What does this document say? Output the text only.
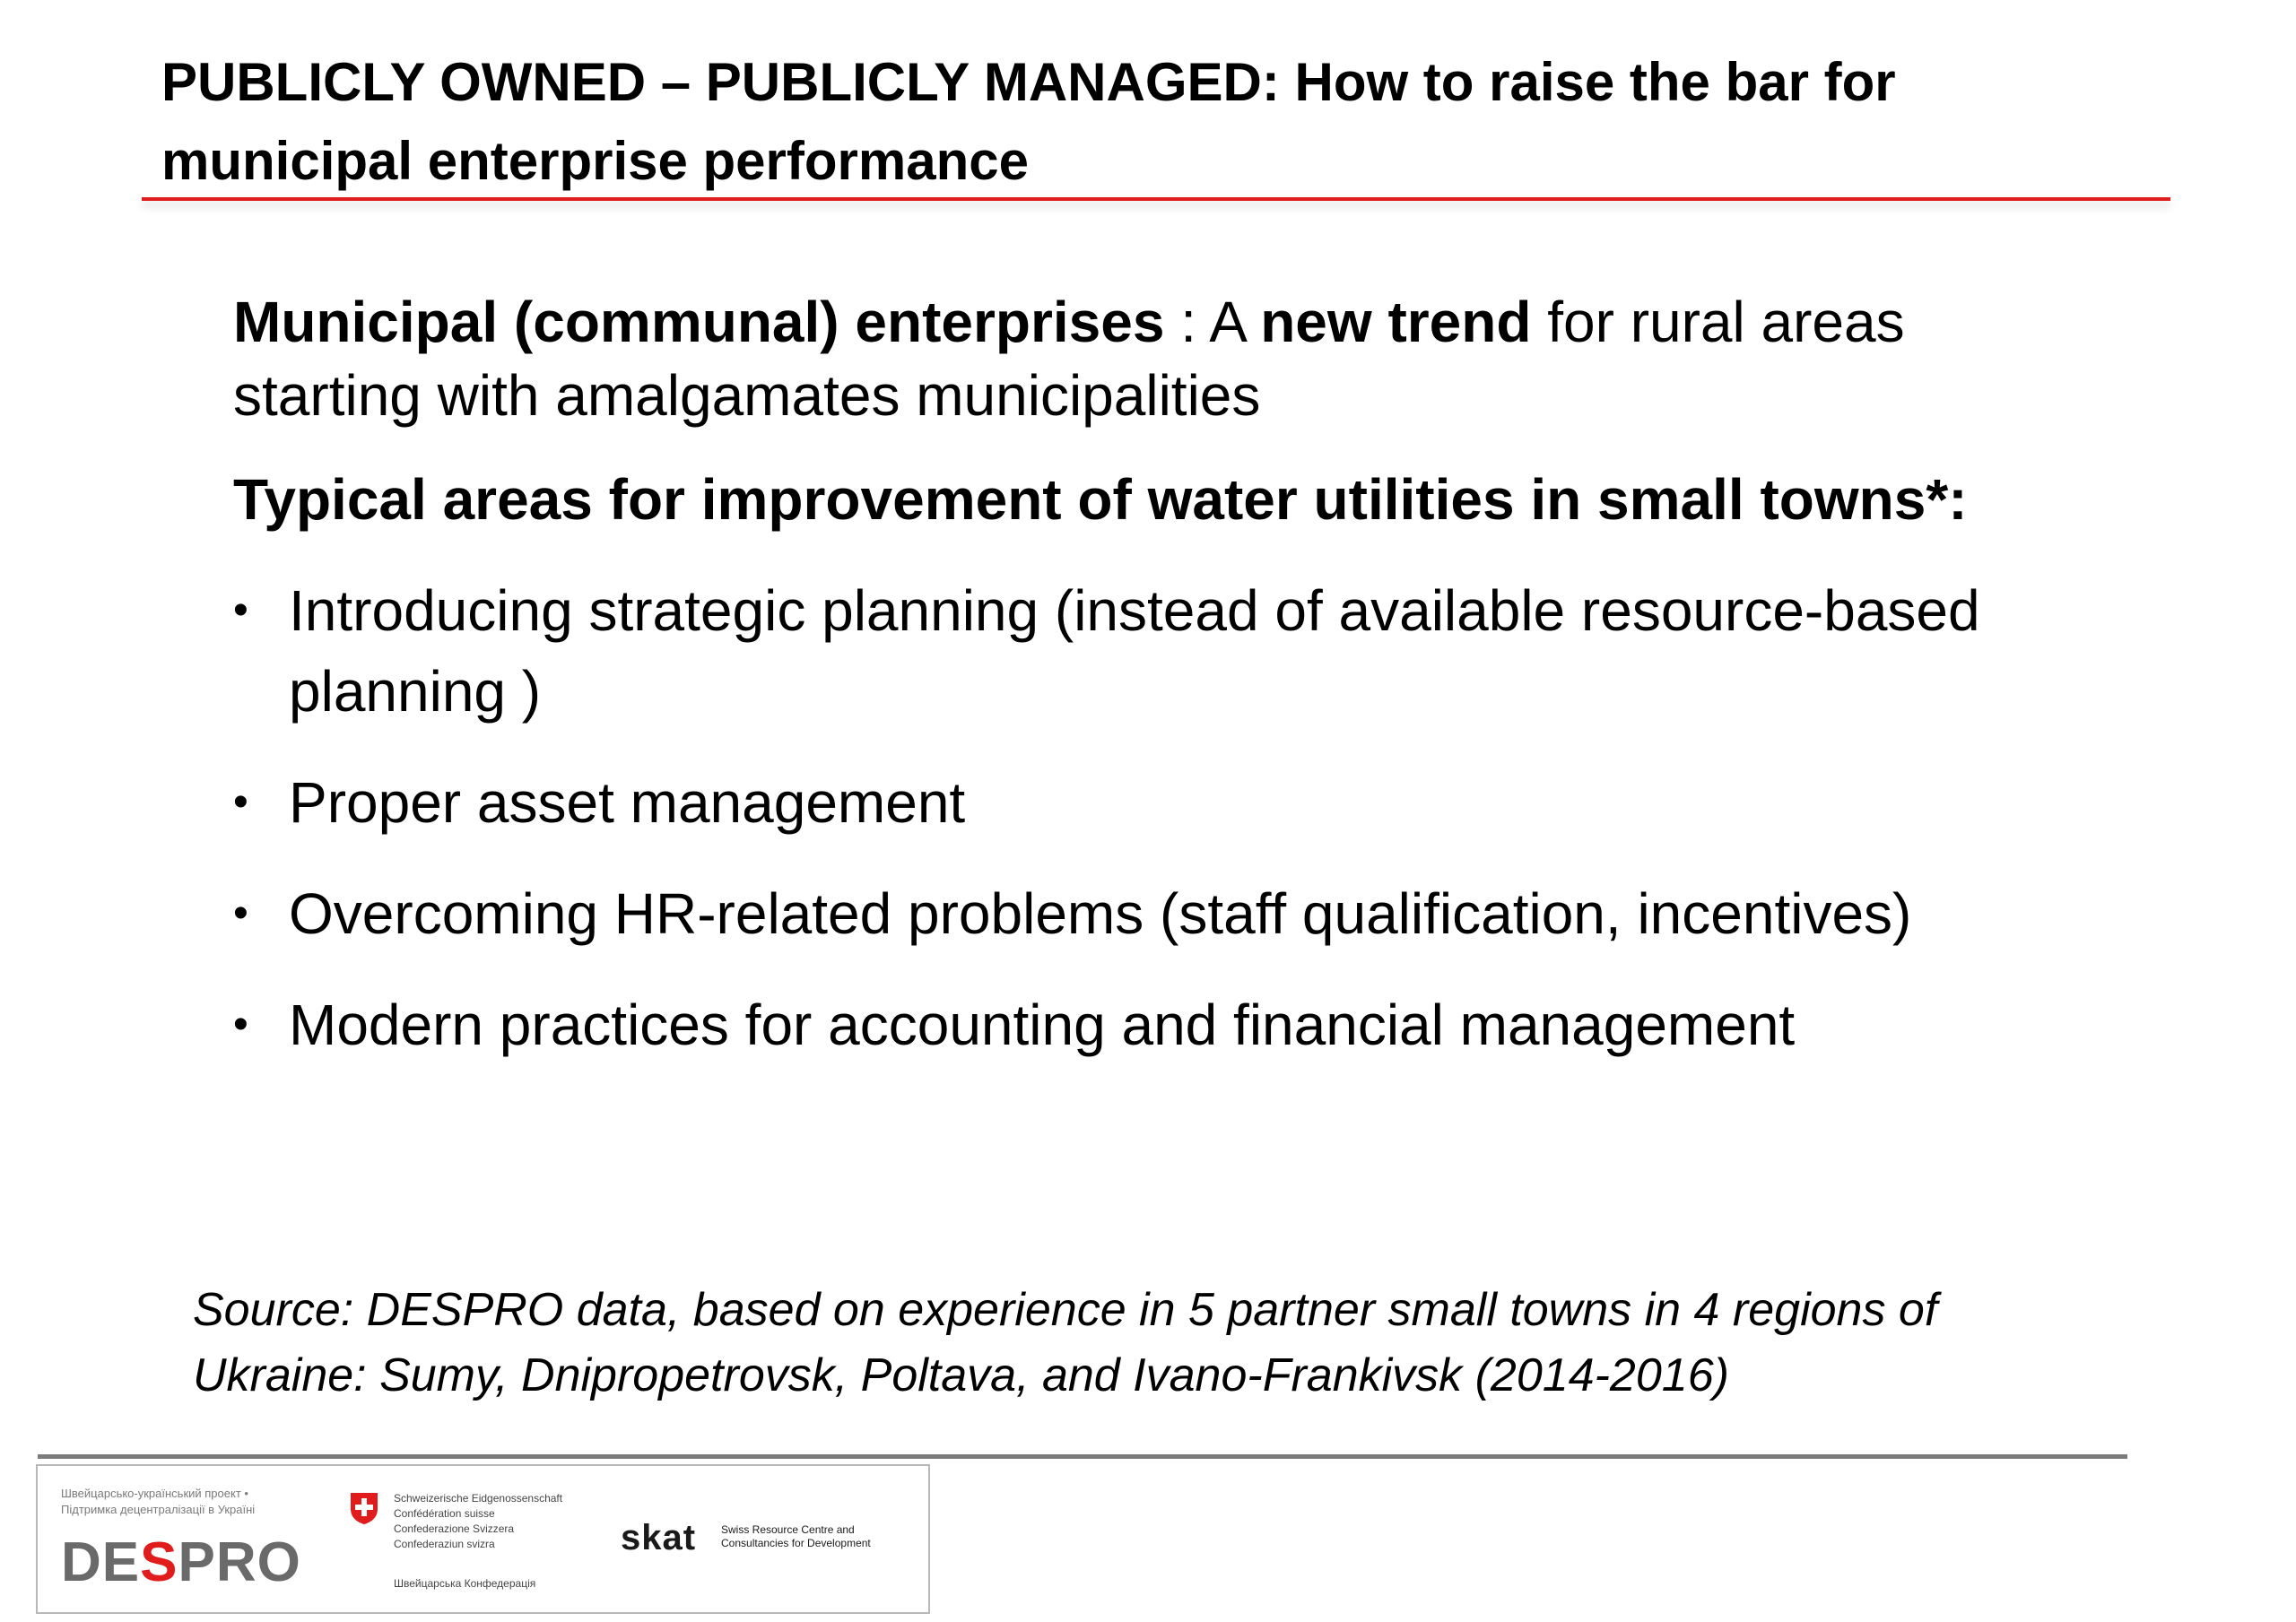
PUBLICLY OWNED – PUBLICLY MANAGED: How to raise the bar for
municipal enterprise performance

Municipal (communal) enterprises : A new trend for rural areas starting with amalgamates municipalities

Typical areas for improvement of water utilities in small towns*:

• Introducing strategic planning (instead of available resource-based planning )
• Proper asset management
• Overcoming HR-related problems (staff qualification, incentives)
• Modern practices for accounting and financial management
Source: DESPRO data, based on experience in 5 partner small towns in 4 regions of
Ukraine: Sumy, Dnipropetrovsk, Poltava, and Ivano-Frankivsk (2014-2016)
Швейцарсько-український проект •
Підтримка децентралізації в Україні
DESPRO
Schweizerische Eidgenossenschaft
Confédération suisse
Confederazione Svizzera
Confederaziun svizra
Швейцарська Конфедерація
skat Swiss Resource Centre and
Consultancies for Development
